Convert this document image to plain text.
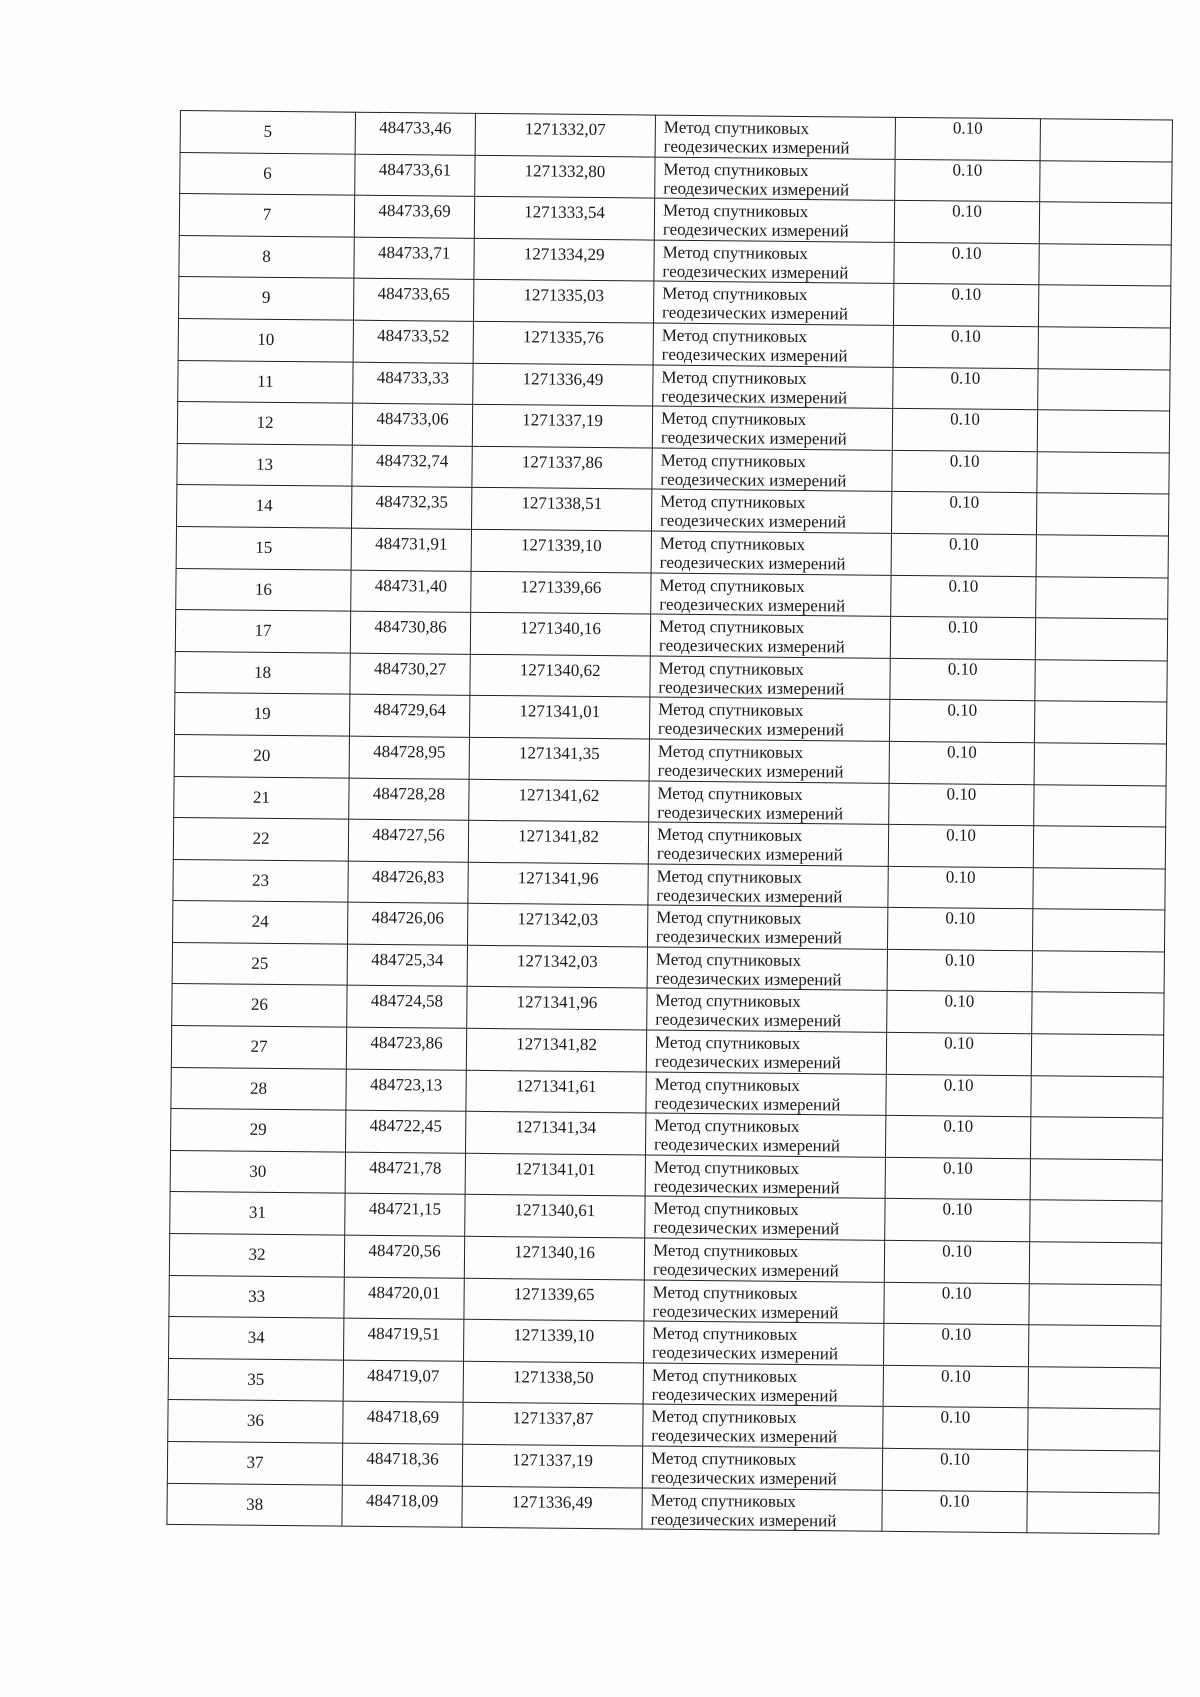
5	484733,46	1271332,07	Метод спутниковых
геодезических измерений	0.10	
6	484733,61	1271332,80	Метод спутниковых
геодезических измерений	0.10	
7	484733,69	1271333,54	Метод спутниковых
геодезических измерений	0.10	
8	484733,71	1271334,29	Метод спутниковых
геодезических измерений	0.10	
9	484733,65	1271335,03	Метод спутниковых
геодезических измерений	0.10	
10	484733,52	1271335,76	Метод спутниковых
геодезических измерений	0.10	
11	484733,33	1271336,49	Метод спутниковых
геодезических измерений	0.10	
12	484733,06	1271337,19	Метод спутниковых
геодезических измерений	0.10	
13	484732,74	1271337,86	Метод спутниковых
геодезических измерений	0.10	
14	484732,35	1271338,51	Метод спутниковых
геодезических измерений	0.10	
15	484731,91	1271339,10	Метод спутниковых
геодезических измерений	0.10	
16	484731,40	1271339,66	Метод спутниковых
геодезических измерений	0.10	
17	484730,86	1271340,16	Метод спутниковых
геодезических измерений	0.10	
18	484730,27	1271340,62	Метод спутниковых
геодезических измерений	0.10	
19	484729,64	1271341,01	Метод спутниковых
геодезических измерений	0.10	
20	484728,95	1271341,35	Метод спутниковых
геодезических измерений	0.10	
21	484728,28	1271341,62	Метод спутниковых
геодезических измерений	0.10	
22	484727,56	1271341,82	Метод спутниковых
геодезических измерений	0.10	
23	484726,83	1271341,96	Метод спутниковых
геодезических измерений	0.10	
24	484726,06	1271342,03	Метод спутниковых
геодезических измерений	0.10	
25	484725,34	1271342,03	Метод спутниковых
геодезических измерений	0.10	
26	484724,58	1271341,96	Метод спутниковых
геодезических измерений	0.10	
27	484723,86	1271341,82	Метод спутниковых
геодезических измерений	0.10	
28	484723,13	1271341,61	Метод спутниковых
геодезических измерений	0.10	
29	484722,45	1271341,34	Метод спутниковых
геодезических измерений	0.10	
30	484721,78	1271341,01	Метод спутниковых
геодезических измерений	0.10	
31	484721,15	1271340,61	Метод спутниковых
геодезических измерений	0.10	
32	484720,56	1271340,16	Метод спутниковых
геодезических измерений	0.10	
33	484720,01	1271339,65	Метод спутниковых
геодезических измерений	0.10	
34	484719,51	1271339,10	Метод спутниковых
геодезических измерений	0.10	
35	484719,07	1271338,50	Метод спутниковых
геодезических измерений	0.10	
36	484718,69	1271337,87	Метод спутниковых
геодезических измерений	0.10	
37	484718,36	1271337,19	Метод спутниковых
геодезических измерений	0.10	
38	484718,09	1271336,49	Метод спутниковых
геодезических измерений	0.10	
